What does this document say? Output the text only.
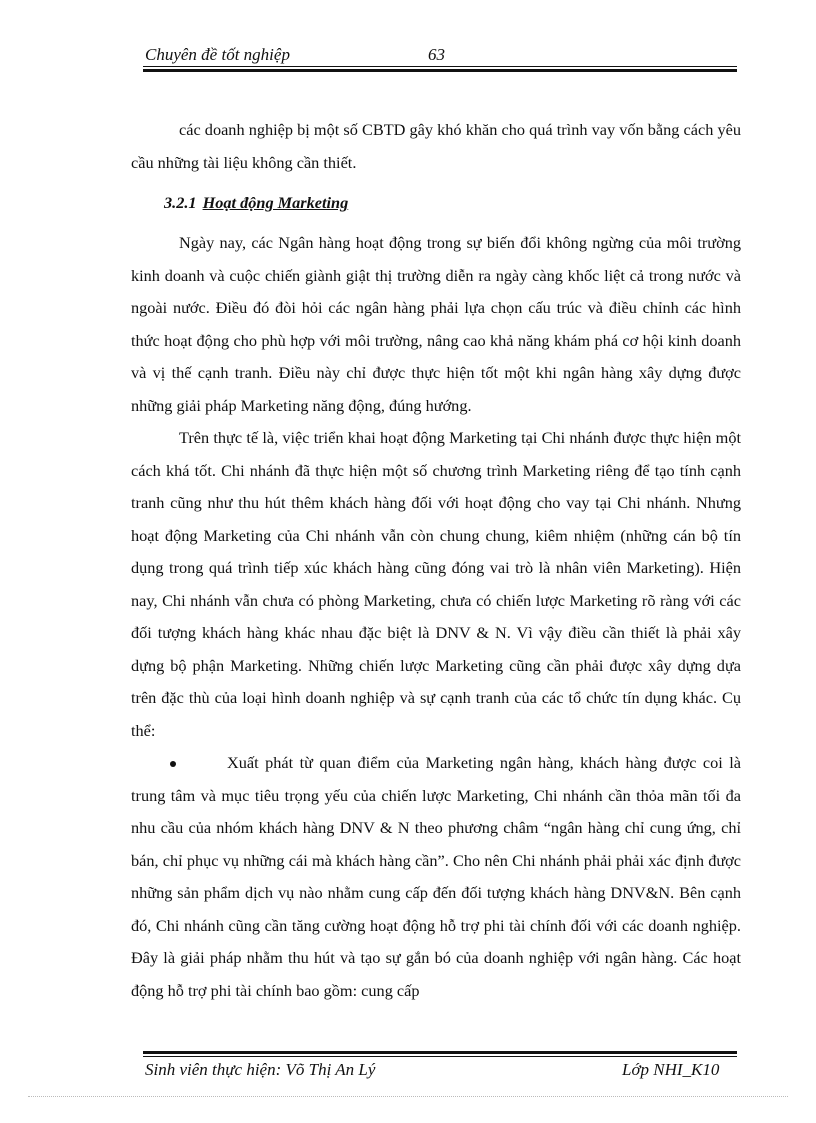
Chuyên đề tốt nghiệp	63

các doanh nghiệp bị một số CBTD gây khó khăn cho quá trình vay vốn bằng cách yêu cầu những tài liệu không cần thiết.

3.2.1 Hoạt động Marketing

Ngày nay, các Ngân hàng hoạt động trong sự biến đổi không ngừng của môi trường kinh doanh và cuộc chiến giành giật thị trường diễn ra ngày càng khốc liệt cả trong nước và ngoài nước. Điều đó đòi hỏi các ngân hàng phải lựa chọn cấu trúc và điều chỉnh các hình thức hoạt động cho phù hợp với môi trường, nâng cao khả năng khám phá cơ hội kinh doanh và vị thế cạnh tranh. Điều này chỉ được thực hiện tốt một khi ngân hàng xây dựng được những giải pháp Marketing năng động, đúng hướng.

Trên thực tế là, việc triển khai hoạt động Marketing tại Chi nhánh được thực hiện một cách khá tốt. Chi nhánh đã thực hiện một số chương trình Marketing riêng để tạo tính cạnh tranh cũng như thu hút thêm khách hàng đối với hoạt động cho vay tại Chi nhánh. Nhưng hoạt động Marketing của Chi nhánh vẫn còn chung chung, kiêm nhiệm (những cán bộ tín dụng trong quá trình tiếp xúc khách hàng cũng đóng vai trò là nhân viên Marketing). Hiện nay, Chi nhánh vẫn chưa có phòng Marketing, chưa có chiến lược Marketing rõ ràng với các đối tượng khách hàng khác nhau đặc biệt là DNV & N. Vì vậy điều cần thiết là phải xây dựng bộ phận Marketing. Những chiến lược Marketing cũng cần phải được xây dựng dựa trên đặc thù của loại hình doanh nghiệp và sự cạnh tranh của các tổ chức tín dụng khác. Cụ thể:

Xuất phát từ quan điểm của Marketing ngân hàng, khách hàng được coi là trung tâm và mục tiêu trọng yếu của chiến lược Marketing, Chi nhánh cần thỏa mãn tối đa nhu cầu của nhóm khách hàng DNV & N theo phương châm “ngân hàng chỉ cung ứng, chỉ bán, chỉ phục vụ những cái mà khách hàng cần”. Cho nên Chi nhánh phải phải xác định được những sản phẩm dịch vụ nào nhằm cung cấp đến đối tượng khách hàng DNV&N. Bên cạnh đó, Chi nhánh cũng cần tăng cường hoạt động hỗ trợ phi tài chính đối với các doanh nghiệp. Đây là giải pháp nhằm thu hút và tạo sự gắn bó của doanh nghiệp với ngân hàng. Các hoạt động hỗ trợ phi tài chính bao gồm: cung cấp
Sinh viên thực hiện: Võ Thị An Lý	Lớp NHI_K10
